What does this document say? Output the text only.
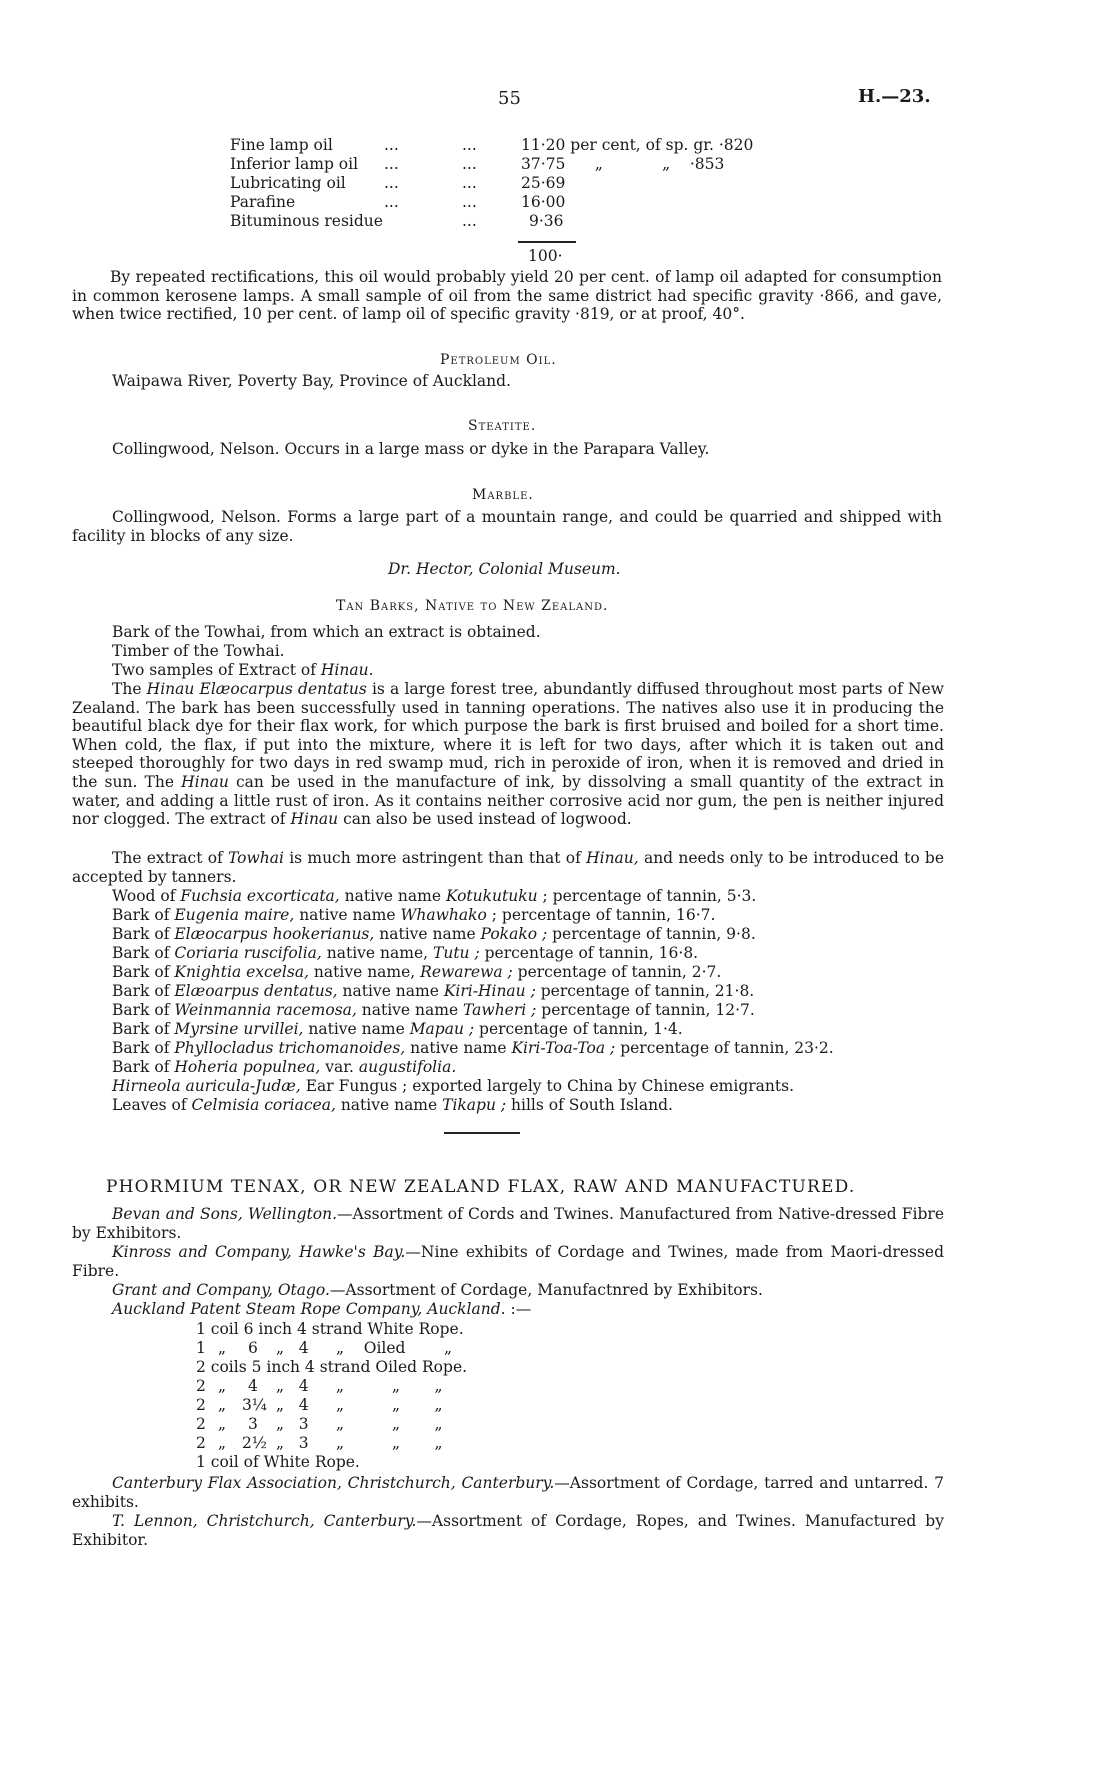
55	H.—23.
Fine lamp oil	...	...	11·20 per cent, of sp. gr. ·820
Inferior lamp oil ...	...	37·75      „            „    ·853
Lubricating oil ...	...	25·69
Parafine	...	...	16·00
Bituminous residue	...	9·36
100·
By repeated rectifications, this oil would probably yield 20 per cent. of lamp oil adapted for consumption in common kerosene lamps. A small sample of oil from the same district had specific gravity ·866, and gave, when twice rectified, 10 per cent. of lamp oil of specific gravity ·819, or at proof, 40°.
Petroleum Oil.
Waipawa River, Poverty Bay, Province of Auckland.
Steatite.
Collingwood, Nelson. Occurs in a large mass or dyke in the Parapara Valley.
Marble.
Collingwood, Nelson. Forms a large part of a mountain range, and could be quarried and shipped with facility in blocks of any size.
Dr. Hector, Colonial Museum.
Tan Barks, Native to New Zealand.
Bark of the Towhai, from which an extract is obtained.
Timber of the Towhai.
Two samples of Extract of Hinau.
The Hinau Elæocarpus dentatus is a large forest tree, abundantly diffused throughout most parts of New Zealand. The bark has been successfully used in tanning operations. The natives also use it in producing the beautiful black dye for their flax work, for which purpose the bark is first bruised and boiled for a short time. When cold, the flax, if put into the mixture, where it is left for two days, after which it is taken out and steeped thoroughly for two days in red swamp mud, rich in peroxide of iron, when it is removed and dried in the sun. The Hinau can be used in the manufacture of ink, by dissolving a small quantity of the extract in water, and adding a little rust of iron. As it contains neither corrosive acid nor gum, the pen is neither injured nor clogged. The extract of Hinau can also be used instead of logwood.
The extract of Towhai is much more astringent than that of Hinau, and needs only to be introduced to be accepted by tanners.
Wood of Fuchsia excorticata, native name Kotukutuku ; percentage of tannin, 5·3.
Bark of Eugenia maire, native name Whawhako ; percentage of tannin, 16·7.
Bark of Elæocarpus hookerianus, native name Pokako ; percentage of tannin, 9·8.
Bark of Coriaria ruscifolia, native name, Tutu ; percentage of tannin, 16·8.
Bark of Knightia excelsa, native name, Rewarewa ; percentage of tannin, 2·7.
Bark of Elæoarpus dentatus, native name Kiri-Hinau ; percentage of tannin, 21·8.
Bark of Weinmannia racemosa, native name Tawheri ; percentage of tannin, 12·7.
Bark of Myrsine urvillei, native name Mapau ; percentage of tannin, 1·4.
Bark of Phyllocladus trichomanoides, native name Kiri-Toa-Toa ; percentage of tannin, 23·2.
Bark of Hoheria populnea, var. augustifolia.
Hirneola auricula-Judæ, Ear Fungus ; exported largely to China by Chinese emigrants.
Leaves of Celmisia coriacea, native name Tikapu ; hills of South Island.
PHORMIUM TENAX, OR NEW ZEALAND FLAX, RAW AND MANUFACTURED.
Bevan and Sons, Wellington.—Assortment of Cords and Twines. Manufactured from Native-dressed Fibre by Exhibitors.
Kinross and Company, Hawke's Bay.—Nine exhibits of Cordage and Twines, made from Maori-dressed Fibre.
Grant and Company, Otago.—Assortment of Cordage, Manufactnred by Exhibitors.
Auckland Patent Steam Rope Company, Auckland. :—
1 coil 6 inch 4 strand White Rope.
1 „ 6 „   4 „    Oiled „
2 coils 5 inch 4 strand Oiled Rope.
2 „ 4 „   4 „	„       „
2 „ 3¼ „   4 „	„       „
2 „ 3 „   3 „	„       „
2 „ 2½ „   3 „	„       „
1 coil of White Rope.
Canterbury Flax Association, Christchurch, Canterbury.—Assortment of Cordage, tarred and untarred. 7 exhibits.
T. Lennon, Christchurch, Canterbury.—Assortment of Cordage, Ropes, and Twines. Manufactured by Exhibitor.
